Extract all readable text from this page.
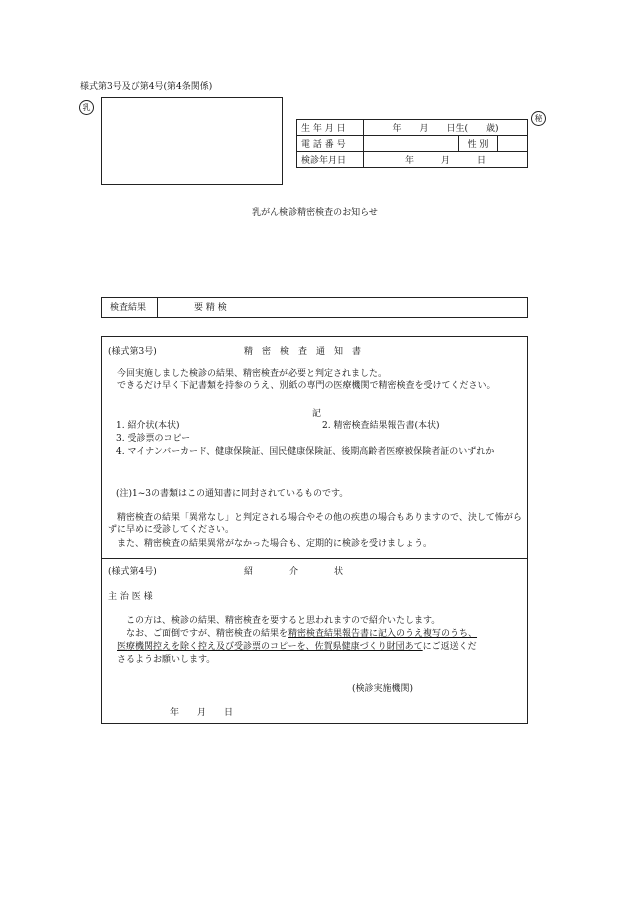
様式第3号及び第4号(第4条関係)
乳
秘
生 年 月 日	年　　月　　日生(　　歳)		
電 話 番 号		性 別	
検診年月日	年　　　月　　　日		
乳がん検診精密検査のお知らせ
検査結果	要 精 検
(様式第3号)	精　密　検　査　通　知　書
今回実施しました検診の結果、精密検査が必要と判定されました。
できるだけ早く下記書類を持参のうえ、別紙の専門の医療機関で精密検査を受けてください。
記
1. 紹介状(本状)	2. 精密検査結果報告書(本状)
3. 受診票のコピー
4. マイナンバーカード、健康保険証、国民健康保険証、後期高齢者医療被保険者証のいずれか
(注)1~3の書類はこの通知書に同封されているものです。
精密検査の結果「異常なし」と判定される場合やその他の疾患の場合もありますので、決して怖がらずに早めに受診してください。
また、精密検査の結果異常がなかった場合も、定期的に検診を受けましょう。
(様式第4号)	紹　　　　介　　　　状
主 治 医 様
この方は、検診の結果、精密検査を要すると思われますので紹介いたします。
なお、ご面倒ですが、精密検査の結果を精密検査結果報告書に記入のうえ複写のうち、
医療機関控えを除く控え及び受診票のコピーを、佐賀県健康づくり財団あてにご返送くだ
さるようお願いします。
(検診実施機関)
年　　月　　日
